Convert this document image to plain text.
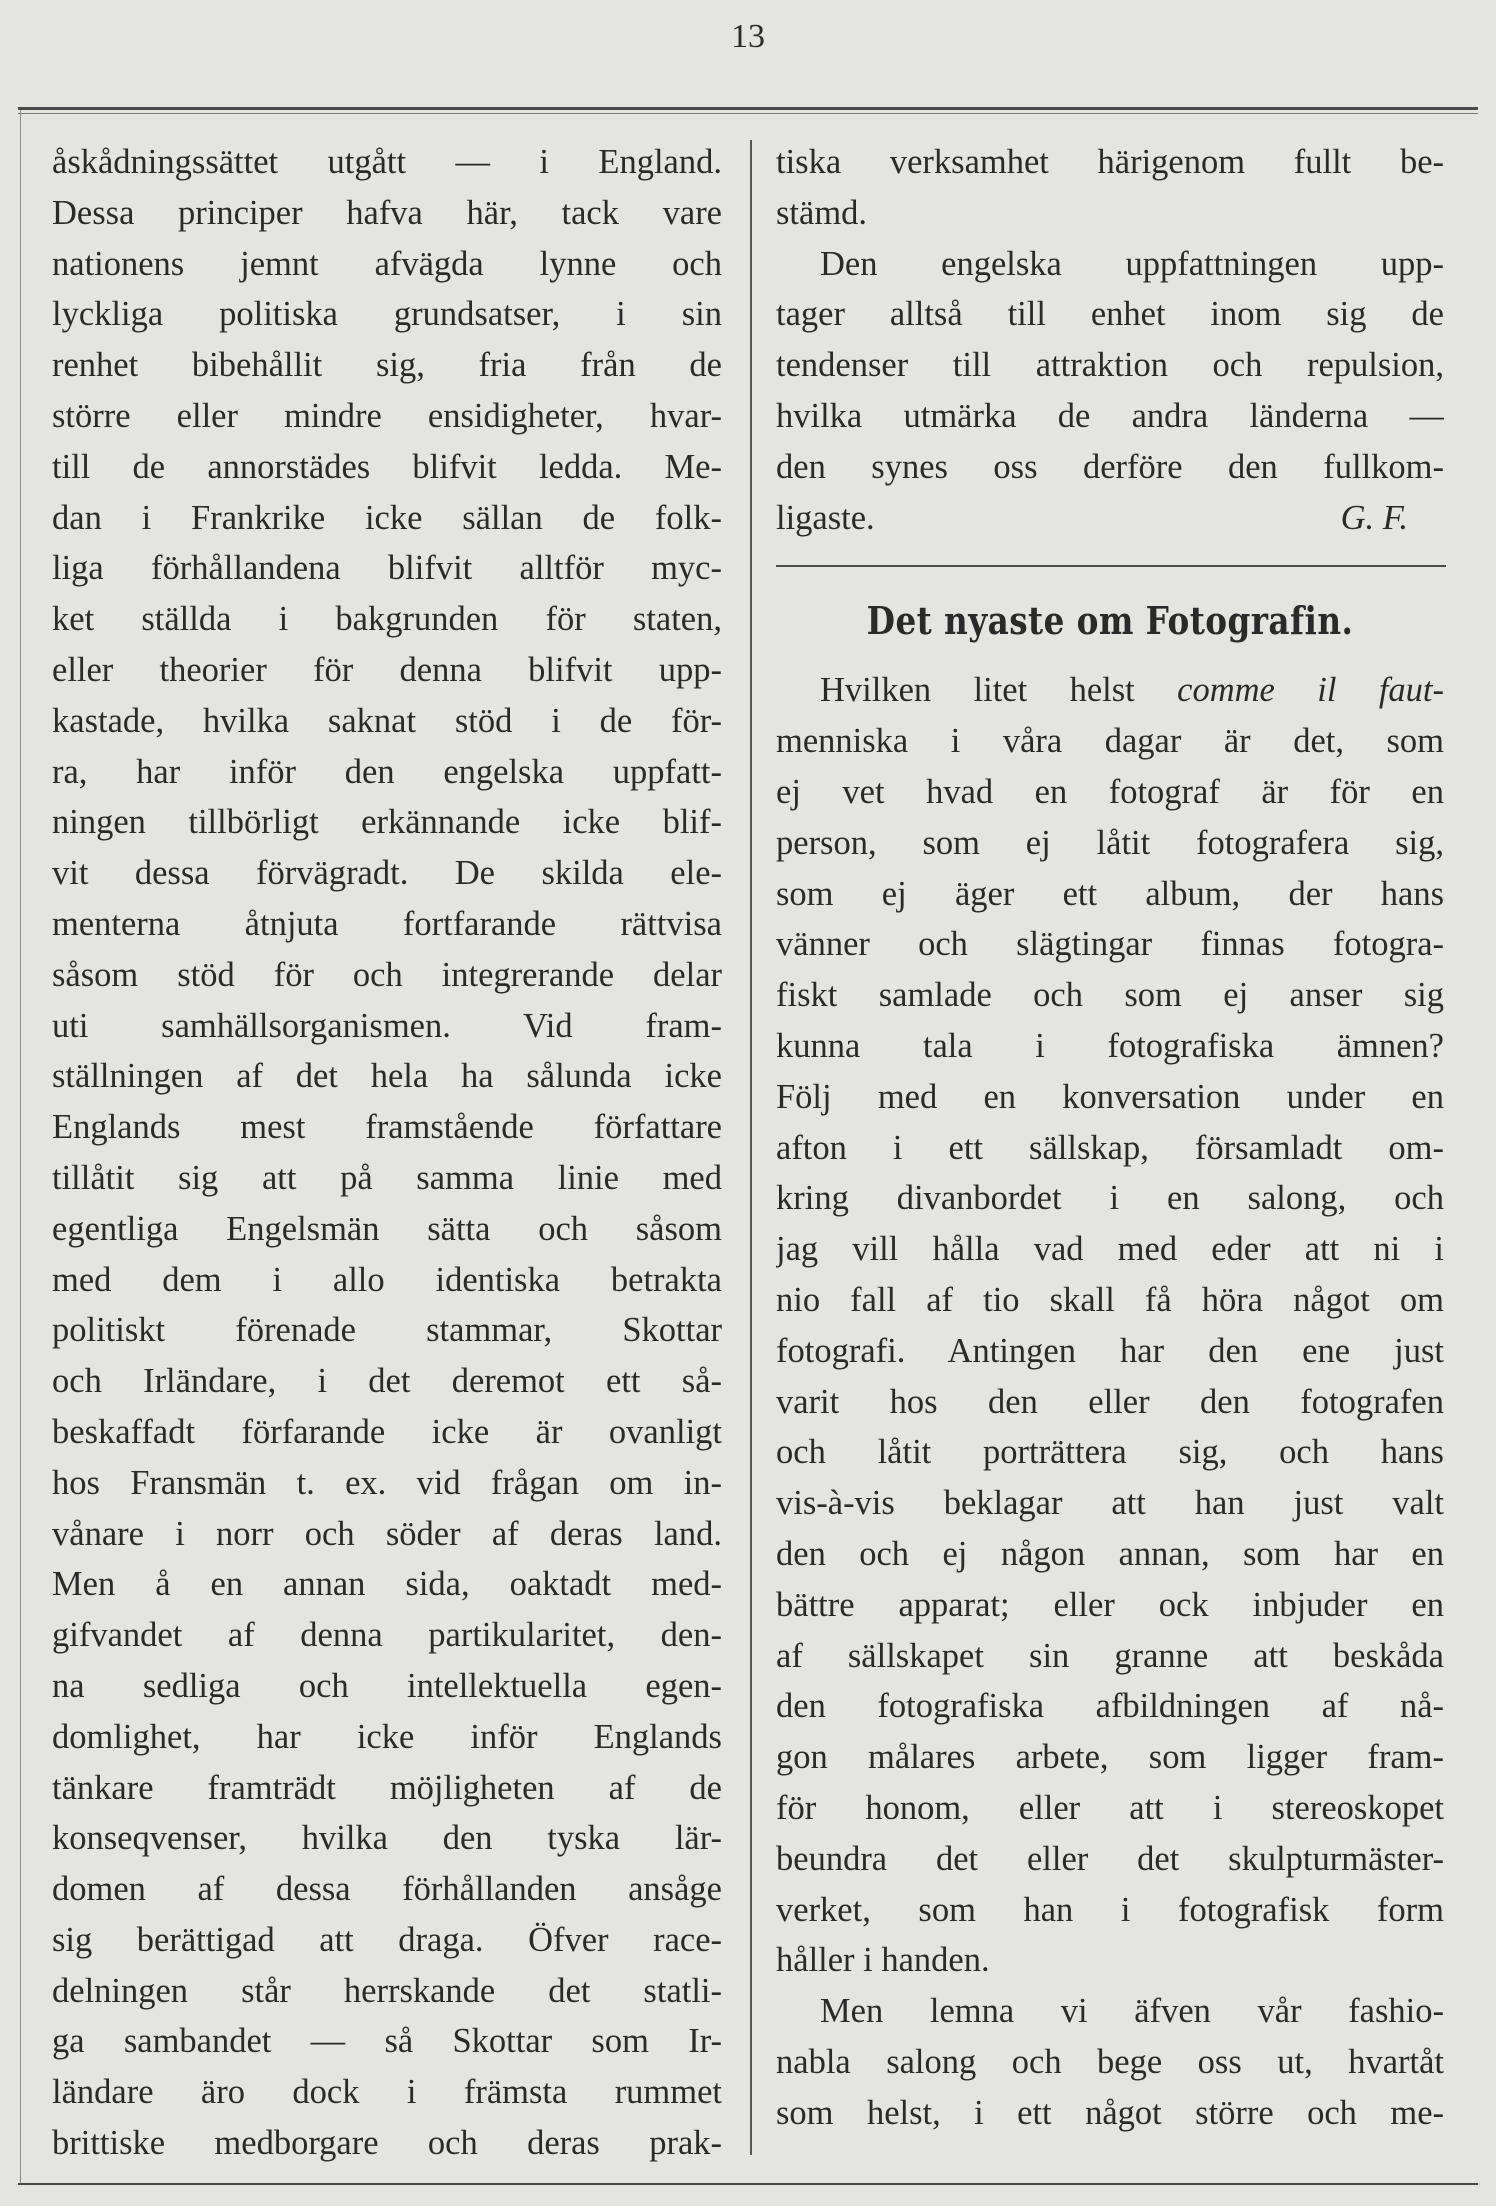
13
åskådningssättet utgått — i England.
Dessa principer hafva här, tack vare
nationens jemnt afvägda lynne och
lyckliga politiska grundsatser, i sin
renhet bibehållit sig, fria från de
större eller mindre ensidigheter, hvar-
till de annorstädes blifvit ledda. Me-
dan i Frankrike icke sällan de folk-
liga förhållandena blifvit alltför myc-
ket ställda i bakgrunden för staten,
eller theorier för denna blifvit upp-
kastade, hvilka saknat stöd i de för-
ra, har inför den engelska uppfatt-
ningen tillbörligt erkännande icke blif-
vit dessa förvägradt. De skilda ele-
menterna åtnjuta fortfarande rättvisa
såsom stöd för och integrerande delar
uti samhällsorganismen. Vid fram-
ställningen af det hela ha sålunda icke
Englands mest framstående författare
tillåtit sig att på samma linie med
egentliga Engelsmän sätta och såsom
med dem i allo identiska betrakta
politiskt förenade stammar, Skottar
och Irländare, i det deremot ett så-
beskaffadt förfarande icke är ovanligt
hos Fransmän t. ex. vid frågan om in-
vånare i norr och söder af deras land.
Men å en annan sida, oaktadt med-
gifvandet af denna partikularitet, den-
na sedliga och intellektuella egen-
domlighet, har icke inför Englands
tänkare framträdt möjligheten af de
konseqvenser, hvilka den tyska lär-
domen af dessa förhållanden ansåge
sig berättigad att draga. Öfver race-
delningen står herrskande det statli-
ga sambandet — så Skottar som Ir-
ländare äro dock i främsta rummet
brittiske medborgare och deras prak-
tiska verksamhet härigenom fullt be-
stämd.
Den engelska uppfattningen upp-
tager alltså till enhet inom sig de
tendenser till attraktion och repulsion,
hvilka utmärka de andra länderna —
den synes oss derföre den fullkom-
ligaste.	G. F.
Det nyaste om Fotografin.
Hvilken litet helst comme il faut-
menniska i våra dagar är det, som
ej vet hvad en fotograf är för en
person, som ej låtit fotografera sig,
som ej äger ett album, der hans
vänner och slägtingar finnas fotogra-
fiskt samlade och som ej anser sig
kunna tala i fotografiska ämnen?
Följ med en konversation under en
afton i ett sällskap, församladt om-
kring divanbordet i en salong, och
jag vill hålla vad med eder att ni i
nio fall af tio skall få höra något om
fotografi. Antingen har den ene just
varit hos den eller den fotografen
och låtit porträttera sig, och hans
vis-à-vis beklagar att han just valt
den och ej någon annan, som har en
bättre apparat; eller ock inbjuder en
af sällskapet sin granne att beskåda
den fotografiska afbildningen af nå-
gon målares arbete, som ligger fram-
för honom, eller att i stereoskopet
beundra det eller det skulpturmäster-
verket, som han i fotografisk form
håller i handen.
Men lemna vi äfven vår fashio-
nabla salong och bege oss ut, hvartåt
som helst, i ett något större och me-
